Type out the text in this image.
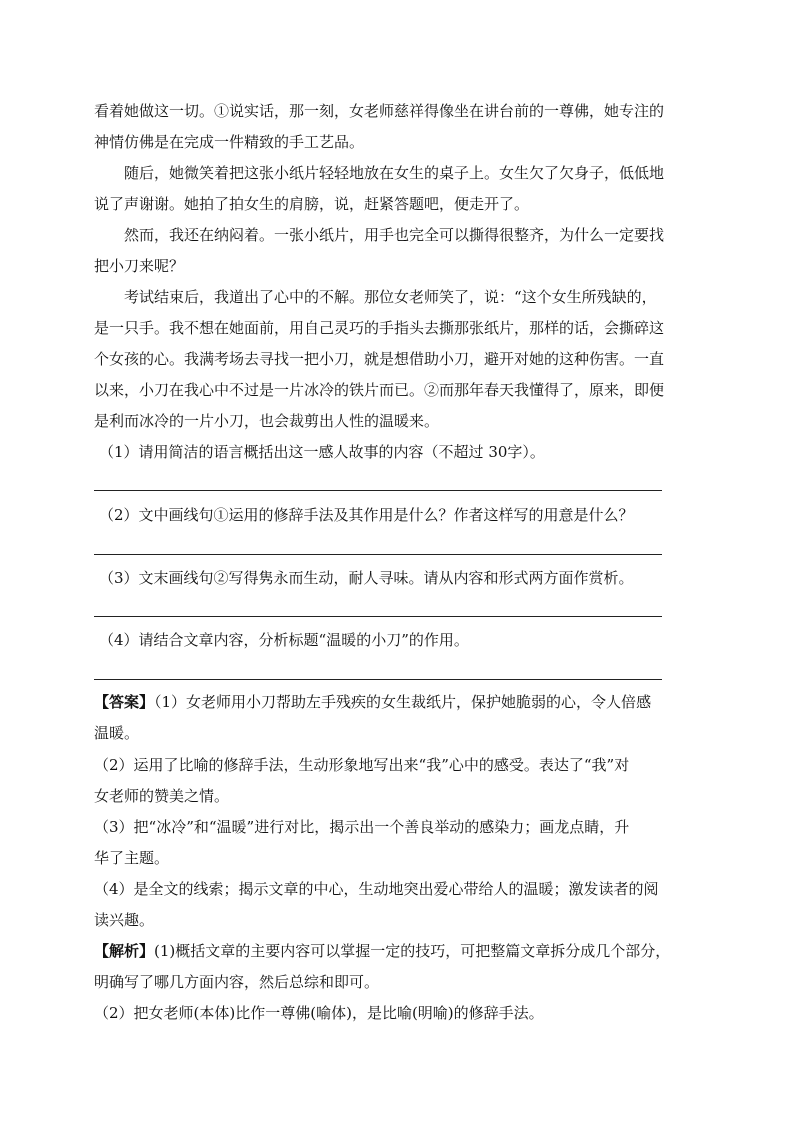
看着她做这一切。①说实话，那一刻，女老师慈祥得像坐在讲台前的一尊佛，她专注的
神情仿佛是在完成一件精致的手工艺品。
随后，她微笑着把这张小纸片轻轻地放在女生的桌子上。女生欠了欠身子，低低地
说了声谢谢。她拍了拍女生的肩膀，说，赶紧答题吧，便走开了。
然而，我还在纳闷着。一张小纸片，用手也完全可以撕得很整齐，为什么一定要找
把小刀来呢？
考试结束后，我道出了心中的不解。那位女老师笑了，说：“这个女生所残缺的，
是一只手。我不想在她面前，用自己灵巧的手指头去撕那张纸片，那样的话，会撕碎这
个女孩的心。我满考场去寻找一把小刀，就是想借助小刀，避开对她的这种伤害。一直
以来，小刀在我心中不过是一片冰冷的铁片而已。②而那年春天我懂得了，原来，即便
是利而冰冷的一片小刀，也会裁剪出人性的温暖来。
（1）请用简洁的语言概括出这一感人故事的内容（不超过 30字）。
（2）文中画线句①运用的修辞手法及其作用是什么？作者这样写的用意是什么？
（3）文末画线句②写得隽永而生动，耐人寻味。请从内容和形式两方面作赏析。
（4）请结合文章内容，分析标题“温暖的小刀”的作用。
【答案】（1）女老师用小刀帮助左手残疾的女生裁纸片，保护她脆弱的心，令人倍感
温暖。
（2）运用了比喻的修辞手法，生动形象地写出来“我”心中的感受。表达了“我”对
女老师的赞美之情。
（3）把“冰冷”和“温暖”进行对比，揭示出一个善良举动的感染力；画龙点睛，升
华了主题。
（4）是全文的线索；揭示文章的中心，生动地突出爱心带给人的温暖；激发读者的阅
读兴趣。
【解析】(1)概括文章的主要内容可以掌握一定的技巧，可把整篇文章拆分成几个部分，
明确写了哪几方面内容，然后总综和即可。
（2）把女老师(本体)比作一尊佛(喻体)，是比喻(明喻)的修辞手法。
